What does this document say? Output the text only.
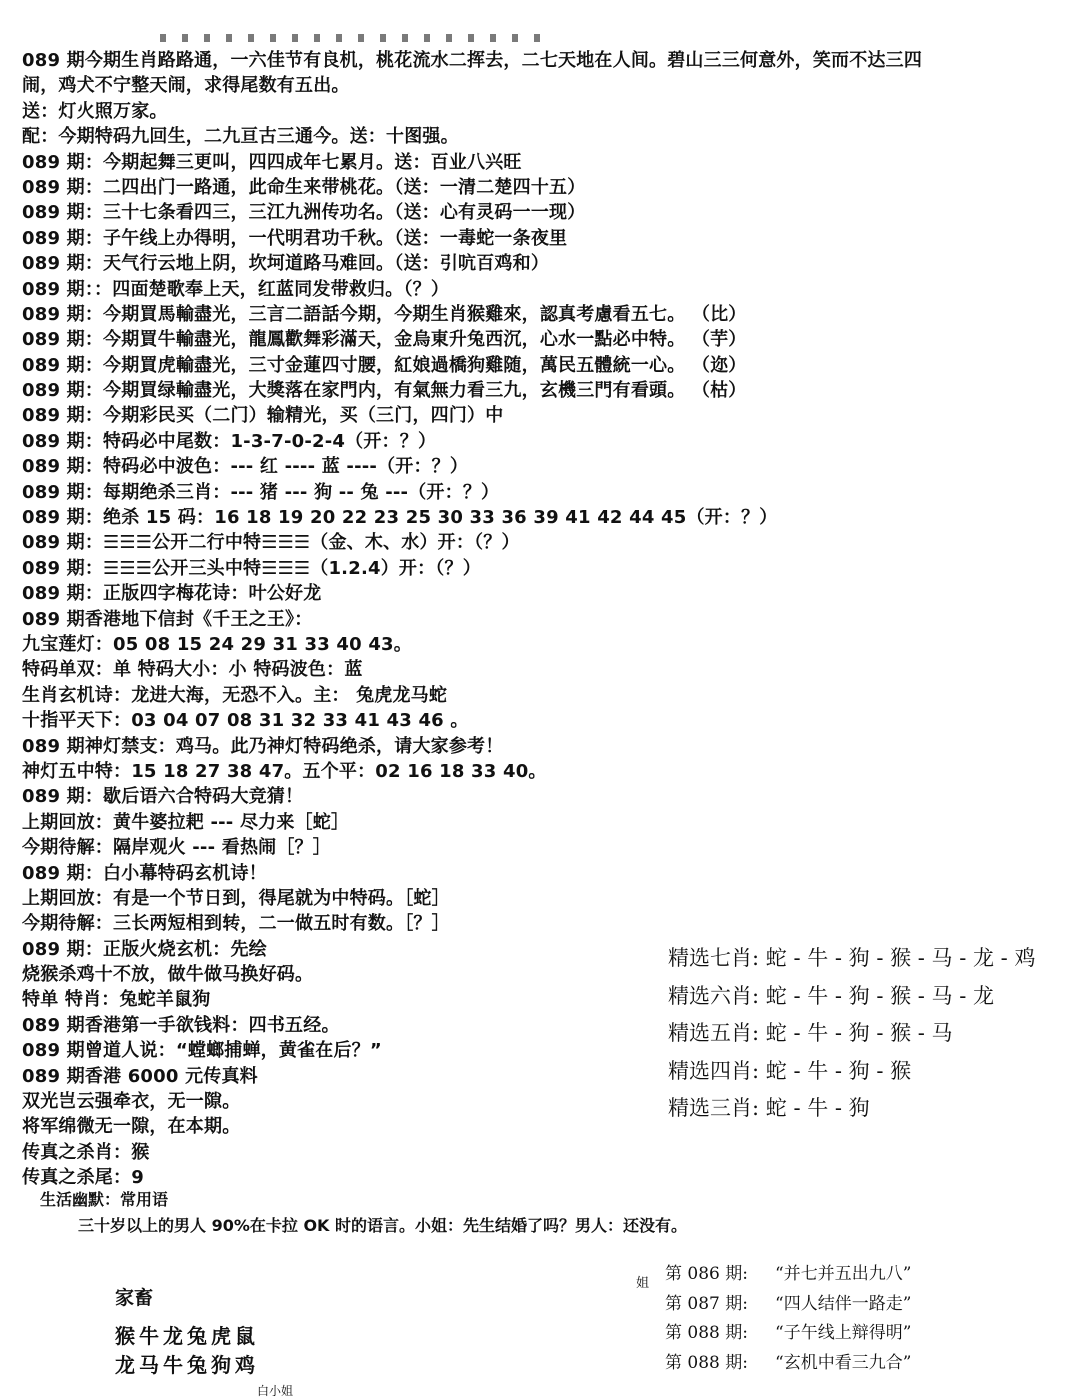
089 期今期生肖路路通，一六佳节有良机，桃花流水二挥去，二七天地在人间。碧山三三何意外，笑而不达三四
闹，鸡犬不宁整天闹，求得尾数有五出。
送：灯火照万家。
配：今期特码九回生，二九亘古三通今。送：十图强。
089 期：今期起舞三更叫，四四成年七累月。送：百业八兴旺
089 期：二四出门一路通，此命生来带桃花。（送：一清二楚四十五）
089 期：三十七条看四三，三江九洲传功名。（送：心有灵码一一现）
089 期：子午线上办得明，一代明君功千秋。（送：一毒蛇一条夜里
089 期：天气行云地上阴，坎坷道路马难回。（送：引吭百鸡和）
089 期：：四面楚歌奉上天，红蓝同发带救归。（？）
089 期：今期買馬輸盡光，三言二語話今期，今期生肖猴雞來，認真考慮看五七。 （比）
089 期：今期買牛輸盡光，龍鳳歡舞彩滿天，金烏東升兔西沉，心水一點必中特。 （芋）
089 期：今期買虎輸盡光，三寸金蓮四寸腰，紅娘過橋狗雞随，萬民五體統一心。 （迩）
089 期：今期買绿輸盡光，大獎落在家門内，有氣無力看三九，玄機三門有看頭。 （枯）
089 期：今期彩民买（二门）输精光，买（三门，四门）中
089 期：特码必中尾数：1-3-7-0-2-4（开：？）
089 期：特码必中波色：--- 红 ---- 蓝 ----（开：？）
089 期：每期绝杀三肖：--- 猪 --- 狗 -- 兔 ---（开：？）
089 期：绝杀 15 码：16 18 19 20 22 23 25 30 33 36 39 41 42 44 45（开：？）
089 期：☰☰☰公开二行中特☰☰☰（金、木、水）开：（？）
089 期：☰☰☰公开三头中特☰☰☰（1.2.4）开：（？）
089 期：正版四字梅花诗：叶公好龙
089 期香港地下信封《千王之王》：
九宝莲灯：05 08 15 24 29 31 33 40 43。
特码单双：单 特码大小：小 特码波色：蓝
生肖玄机诗：龙进大海，无恐不入。主： 兔虎龙马蛇
十指平天下：03 04 07 08 31 32 33 41 43 46 。
089 期神灯禁支：鸡马。此乃神灯特码绝杀，请大家参考！
神灯五中特：15 18 27 38 47。五个平：02 16 18 33 40。
089 期：歇后语六合特码大竞猜！
上期回放：黄牛婆拉耙 --- 尽力来［蛇］
今期待解：隔岸观火 --- 看热闹［？］
089 期：白小幕特码玄机诗！
上期回放：有是一个节日到，得尾就为中特码。［蛇］
今期待解：三长两短相到转，二一做五时有数。［？］
089 期：正版火烧玄机：先绘
烧猴杀鸡十不放，做牛做马换好码。
特单 特肖：兔蛇羊鼠狗
089 期香港第一手欲钱料：四书五经。
089 期曾道人说：“螳螂捕蝉，黄雀在后？”
089 期香港 6000 元传真料
双光岂云强牵衣，无一隙。
将军绵微无一隙，在本期。
传真之杀肖：猴
传真之杀尾：9
精选七肖: 蛇 - 牛 - 狗 - 猴 - 马 - 龙 - 鸡
精选六肖: 蛇 - 牛 - 狗 - 猴 - 马 - 龙
精选五肖: 蛇 - 牛 - 狗 - 猴 - 马
精选四肖: 蛇 - 牛 - 狗 - 猴
精选三肖: 蛇 - 牛 - 狗
生活幽默：常用语
三十岁以上的男人 90%在卡拉 OK 时的语言。小姐：先生结婚了吗？男人：还没有。
家畜
猴牛龙兔虎鼠
龙马牛兔狗鸡
白小姐
姐 第 086 期: “并七并五出九八”
第 087 期: “四人结伴一路走”
第 088 期: “子午线上辩得明”
第 088 期: “玄机中看三九合”
